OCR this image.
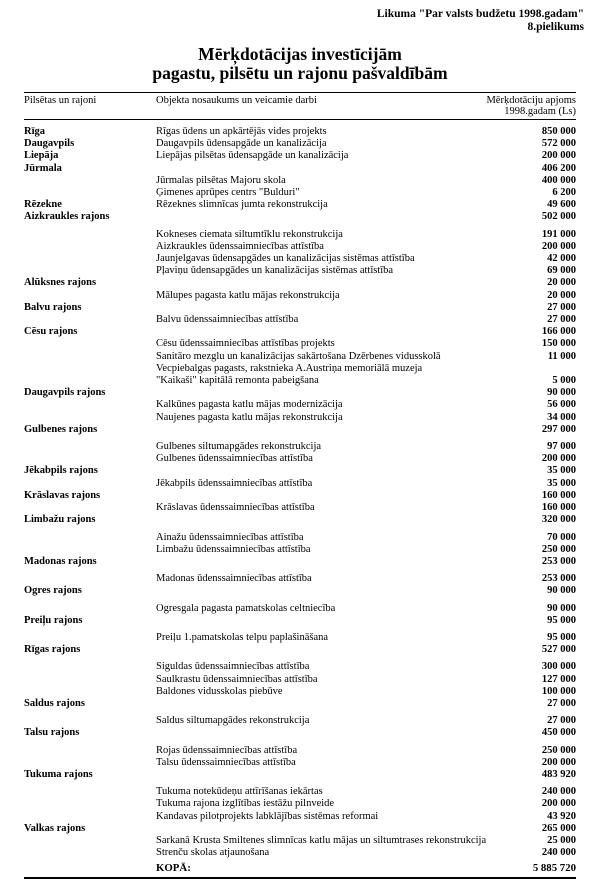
Likuma "Par valsts budžetu 1998.gadam"
8.pielikums
Mērķdotācijas investīcijām
pagastu, pilsētu un rajonu pašvaldībām
Pilsētas un rajoni	Objekta nosaukums un veicamie darbi	Mērķdotāciju apjoms
1998.gadam (Ls)
Rīga	Rīgas ūdens un apkārtējās vides projekts	850 000
Daugavpils	Daugavpils ūdensapgāde un kanalizācija	572 000
Liepāja	Liepājas pilsētas ūdensapgāde un kanalizācija	200 000
Jūrmala	406 200
Jūrmalas pilsētas Majoru skola	400 000
Ģimenes aprūpes centrs "Bulduri"	6 200
Rēzekne	Rēzeknes slimnīcas jumta rekonstrukcija	49 600
Aizkraukles rajons	502 000
Kokneses ciemata siltumtīklu rekonstrukcija	191 000
Aizkraukles ūdenssaimniecības attīstība	200 000
Jaunjelgavas ūdensapgādes un kanalizācijas sistēmas attīstība	42 000
Pļaviņu ūdensapgādes un kanalizācijas sistēmas attīstība	69 000
Alūksnes rajons	20 000
Mālupes pagasta katlu mājas rekonstrukcija	20 000
Balvu rajons	27 000
Balvu ūdenssaimniecības attīstība	27 000
Cēsu rajons	166 000
Cēsu ūdenssaimniecības attīstības projekts	150 000
Sanitāro mezglu un kanalizācijas sakārtošana Dzērbenes vidusskolā	11 000
Vecpiebalgas pagasts, rakstnieka A.Austriņa memoriālā muzeja
"Kaikaši" kapitālā remonta pabeigšana	5 000
Daugavpils rajons	90 000
Kalkūnes pagasta katlu mājas modernizācija	56 000
Naujenes pagasta katlu mājas rekonstrukcija	34 000
Gulbenes rajons	297 000
Gulbenes siltumapgādes rekonstrukcija	97 000
Gulbenes ūdenssaimniecības attīstība	200 000
Jēkabpils rajons	35 000
Jēkabpils ūdenssaimniecības attīstība	35 000
Krāslavas rajons	160 000
Krāslavas ūdenssaimniecības attīstība	160 000
Limbažu rajons	320 000
Ainažu ūdenssaimniecības attīstība	70 000
Limbažu ūdenssaimniecības attīstība	250 000
Madonas rajons	253 000
Madonas ūdenssaimniecības attīstība	253 000
Ogres rajons	90 000
Ogresgala pagasta pamatskolas celtniecība	90 000
Preiļu rajons	95 000
Preiļu 1.pamatskolas telpu paplašināšana	95 000
Rīgas rajons	527 000
Siguldas ūdenssaimniecības attīstība	300 000
Saulkrastu ūdenssaimniecības attīstība	127 000
Baldones vidusskolas piebūve	100 000
Saldus rajons	27 000
Saldus siltumapgādes rekonstrukcija	27 000
Talsu rajons	450 000
Rojas ūdenssaimniecības attīstība	250 000
Talsu ūdenssaimniecības attīstība	200 000
Tukuma rajons	483 920
Tukuma notekūdeņu attīrīšanas iekārtas	240 000
Tukuma rajona izglītības iestāžu pilnveide	200 000
Kandavas pilotprojekts labklājības sistēmas reformai	43 920
Valkas rajons	265 000
Sarkanā Krusta Smiltenes slimnīcas katlu mājas un siltumtrases rekonstrukcija	25 000
Strenču skolas atjaunošana	240 000
KOPĀ:	5 885 720
